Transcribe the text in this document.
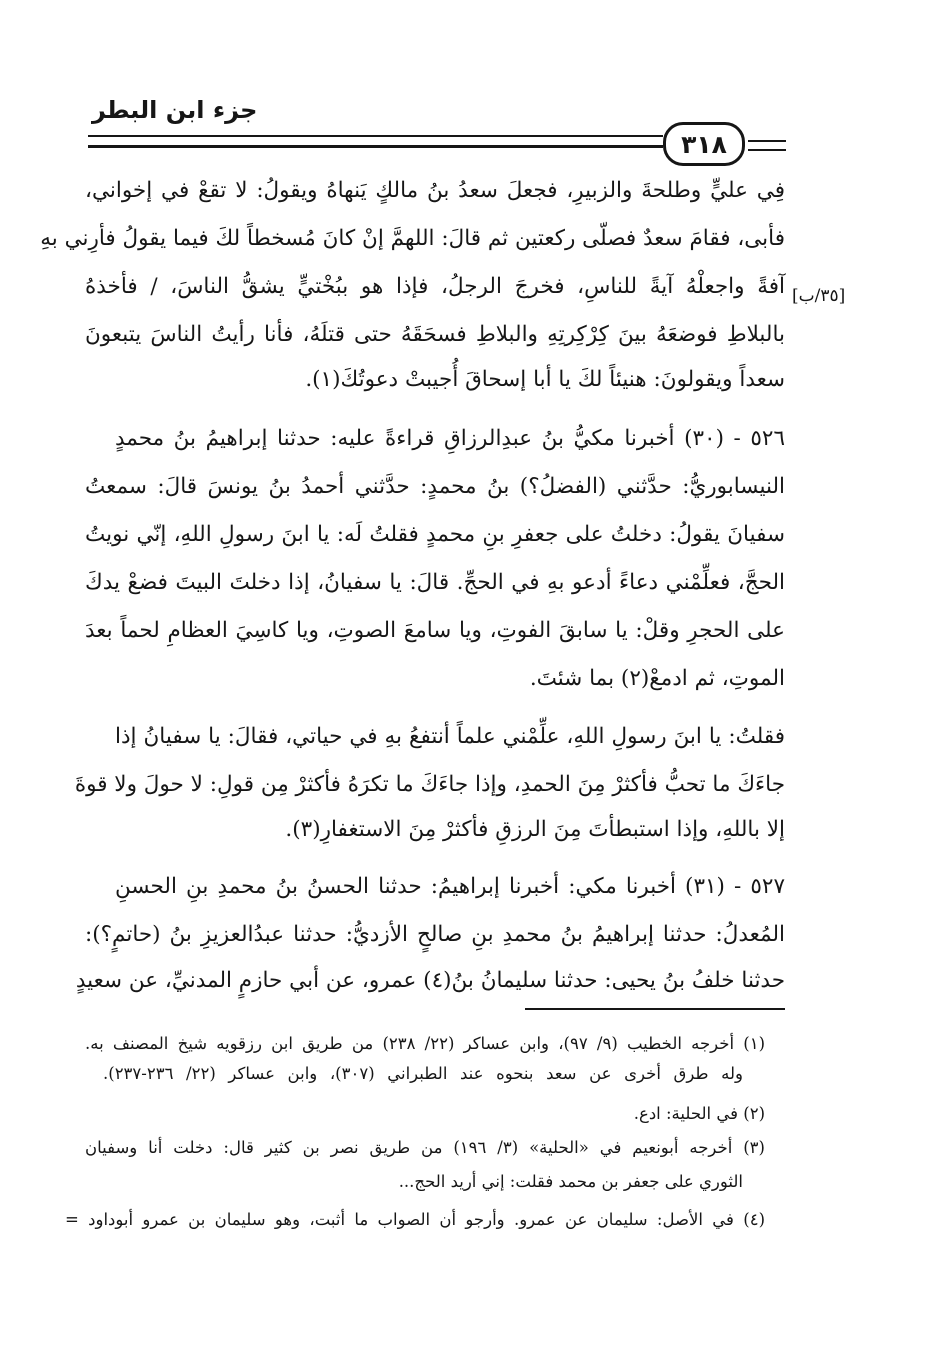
جزء ابن البطر
٣١٨
[٣٥/ب]
فِي عليٍّ وطلحةَ والزبيرِ، فجعلَ سعدُ بنُ مالكٍ يَنهاهُ ويقولُ: لا تقعْ في إخواني،
فأبى، فقامَ سعدٌ فصلّى ركعتين ثم قالَ: اللهمَّ إنْ كانَ مُسخطاً لكَ فيما يقولُ فأرِني بهِ
آفةً واجعلْهُ آيةً للناسِ، فخرجَ الرجلُ، فإذا هو ببُخْتيٍّ يشقُّ الناسَ، / فأخذهُ
بالبلاطِ فوضعَهُ بينَ كِرْكِرتِهِ والبلاطِ فسحَقَهُ حتى قتلَهُ، فأنا رأيتُ الناسَ يتبعونَ
سعداً ويقولونَ: هنيئاً لكَ يا أبا إسحاقَ أُجيبتْ دعوتُكَ(١).
٥٢٦ - (٣٠) أخبرنا مكيُّ بنُ عبدِالرزاقِ قراءةً عليه: حدثنا إبراهيمُ بنُ محمدٍ
النيسابوريُّ: حدَّثني (الفضلُ؟) بنُ محمدٍ: حدَّثني أحمدُ بنُ يونسَ قالَ: سمعتُ
سفيانَ يقولُ: دخلتُ على جعفرِ بنِ محمدٍ فقلتُ لَه: يا ابنَ رسولِ اللهِ، إنّي نويتُ
الحجَّ، فعلِّمْني دعاءً أدعو بهِ في الحجِّ. قالَ: يا سفيانُ، إذا دخلتَ البيتَ فضعْ يدكَ
على الحجرِ وقلْ: يا سابقَ الفوتِ، ويا سامعَ الصوتِ، ويا كاسِيَ العظامِ لحماً بعدَ
الموتِ، ثم ادمعْ(٢) بما شئتَ.
فقلتُ: يا ابنَ رسولِ اللهِ، علِّمْني علماً أنتفعُ بهِ في حياتي، فقالَ: يا سفيانُ إذا
جاءَكَ ما تحبُّ فأكثرْ مِنَ الحمدِ، وإذا جاءَكَ ما تكرَهُ فأكثرْ مِن قولِ: لا حولَ ولا قوةَ
إلا باللهِ، وإذا استبطأتَ مِنَ الرزقِ فأكثرْ مِنَ الاستغفارِ(٣).
٥٢٧ - (٣١) أخبرنا مكي: أخبرنا إبراهيمُ: حدثنا الحسنُ بنُ محمدِ بنِ الحسنِ
المُعدلُ: حدثنا إبراهيمُ بنُ محمدِ بنِ صالحٍ الأزديُّ: حدثنا عبدُالعزيزِ بنُ (حاتمٍ؟):
حدثنا خلفُ بنُ يحيى: حدثنا سليمانُ بنُ(٤) عمرو، عن أبي حازمٍ المدنيِّ، عن سعيدٍ
(١) أخرجه الخطيب (٩/ ٩٧)، وابن عساكر (٢٢/ ٢٣٨) من طريق ابن رزقويه شيخ المصنف به.
وله طرق أخرى عن سعد بنحوه عند الطبراني (٣٠٧)، وابن عساكر (٢٢/ ٢٣٦-٢٣٧).
(٢) في الحلية: ادع.
(٣) أخرجه أبونعيم في «الحلية» (٣/ ١٩٦) من طريق نصر بن كثير قال: دخلت أنا وسفيان
الثوري على جعفر بن محمد فقلت: إني أريد الحج...
(٤) في الأصل: سليمان عن عمرو. وأرجو أن الصواب ما أثبت، وهو سليمان بن عمرو أبوداود =
